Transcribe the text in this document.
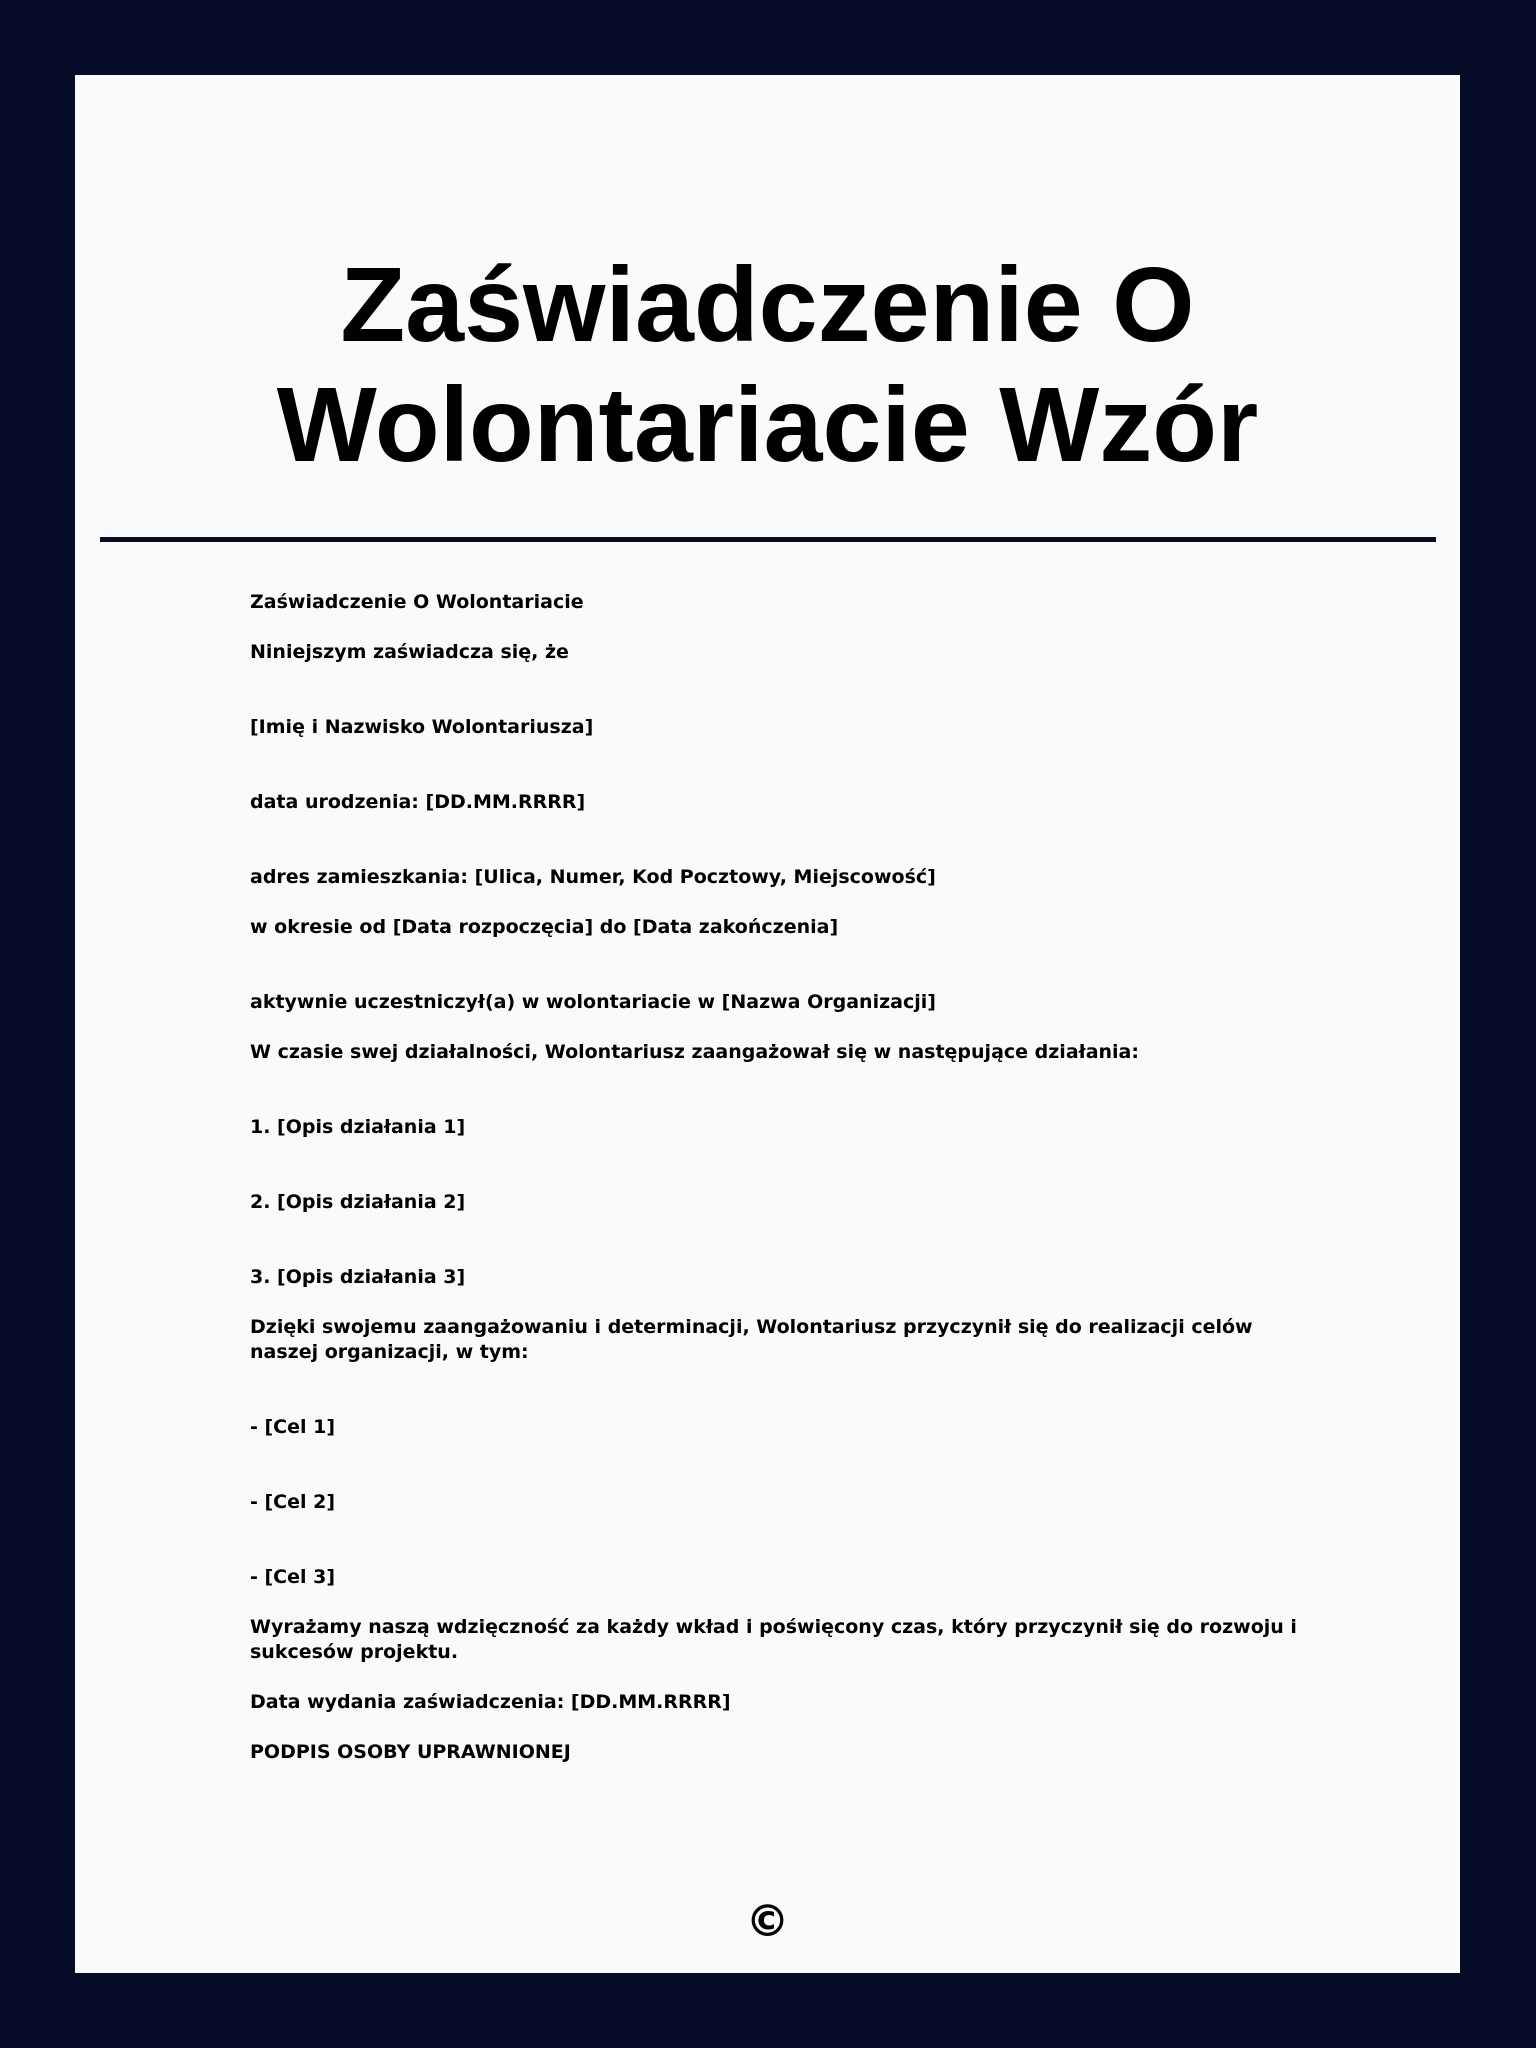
Zaświadczenie O Wolontariacie Wzór

Zaświadczenie O Wolontariacie

Niniejszym zaświadcza się, że

[Imię i Nazwisko Wolontariusza]

data urodzenia: [DD.MM.RRRR]

adres zamieszkania: [Ulica, Numer, Kod Pocztowy, Miejscowość]

w okresie od [Data rozpoczęcia] do [Data zakończenia]

aktywnie uczestniczył(a) w wolontariacie w [Nazwa Organizacji]

W czasie swej działalności, Wolontariusz zaangażował się w następujące działania:

1. [Opis działania 1]

2. [Opis działania 2]

3. [Opis działania 3]

Dzięki swojemu zaangażowaniu i determinacji, Wolontariusz przyczynił się do realizacji celów naszej organizacji, w tym:

- [Cel 1]

- [Cel 2]

- [Cel 3]

Wyrażamy naszą wdzięczność za każdy wkład i poświęcony czas, który przyczynił się do rozwoju i sukcesów projektu.

Data wydania zaświadczenia: [DD.MM.RRRR]

PODPIS OSOBY UPRAWNIONEJ

©
